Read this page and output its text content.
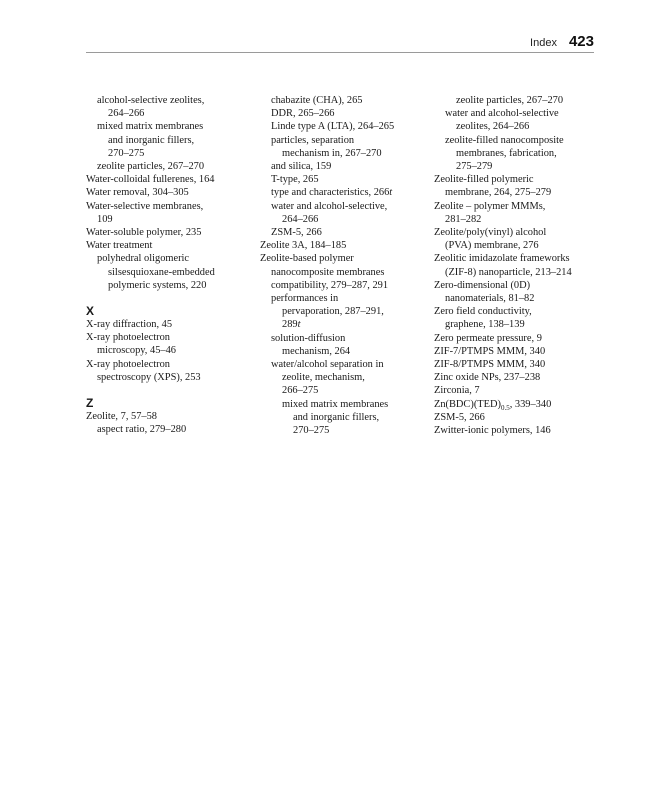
Index 423
alcohol-selective zeolites,
264–266
mixed matrix membranes
and inorganic fillers,
270–275
zeolite particles, 267–270
Water-colloidal fullerenes, 164
Water removal, 304–305
Water-selective membranes,
109
Water-soluble polymer, 235
Water treatment
polyhedral oligomeric
silsesquioxane-embedded
polymeric systems, 220
X
X-ray diffraction, 45
X-ray photoelectron
microscopy, 45–46
X-ray photoelectron
spectroscopy (XPS), 253
Z
Zeolite, 7, 57–58
aspect ratio, 279–280
chabazite (CHA), 265
DDR, 265–266
Linde type A (LTA), 264–265
particles, separation
mechanism in, 267–270
and silica, 159
T-type, 265
type and characteristics, 266t
water and alcohol-selective,
264–266
ZSM-5, 266
Zeolite 3A, 184–185
Zeolite-based polymer
nanocomposite membranes
compatibility, 279–287, 291
performances in
pervaporation, 287–291,
289t
solution-diffusion
mechanism, 264
water/alcohol separation in
zeolite, mechanism,
266–275
mixed matrix membranes
and inorganic fillers,
270–275
zeolite particles, 267–270
water and alcohol-selective
zeolites, 264–266
zeolite-filled nanocomposite
membranes, fabrication,
275–279
Zeolite-filled polymeric
membrane, 264, 275–279
Zeolite – polymer MMMs,
281–282
Zeolite/poly(vinyl) alcohol
(PVA) membrane, 276
Zeolitic imidazolate frameworks
(ZIF-8) nanoparticle, 213–214
Zero-dimensional (0D)
nanomaterials, 81–82
Zero field conductivity,
graphene, 138–139
Zero permeate pressure, 9
ZIF-7/PTMPS MMM, 340
ZIF-8/PTMPS MMM, 340
Zinc oxide NPs, 237–238
Zirconia, 7
$Zn(BDC)(TED)_{0.5}$, 339–340
ZSM-5, 266
Zwitter-ionic polymers, 146
